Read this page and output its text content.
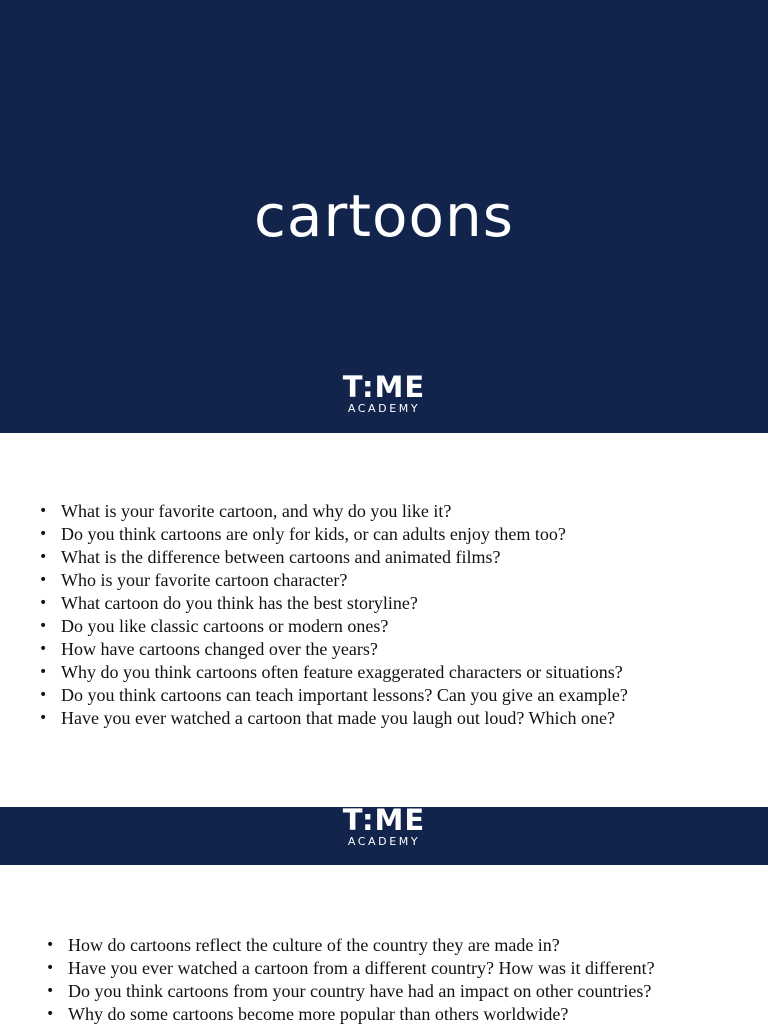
cartoons
T:ME
ACADEMY
• What is your favorite cartoon, and why do you like it?
• Do you think cartoons are only for kids, or can adults enjoy them too?
• What is the difference between cartoons and animated films?
• Who is your favorite cartoon character?
• What cartoon do you think has the best storyline?
• Do you like classic cartoons or modern ones?
• How have cartoons changed over the years?
• Why do you think cartoons often feature exaggerated characters or situations?
• Do you think cartoons can teach important lessons? Can you give an example?
• Have you ever watched a cartoon that made you laugh out loud? Which one?
T:ME
ACADEMY
• How do cartoons reflect the culture of the country they are made in?
• Have you ever watched a cartoon from a different country? How was it different?
• Do you think cartoons from your country have had an impact on other countries?
• Why do some cartoons become more popular than others worldwide?
